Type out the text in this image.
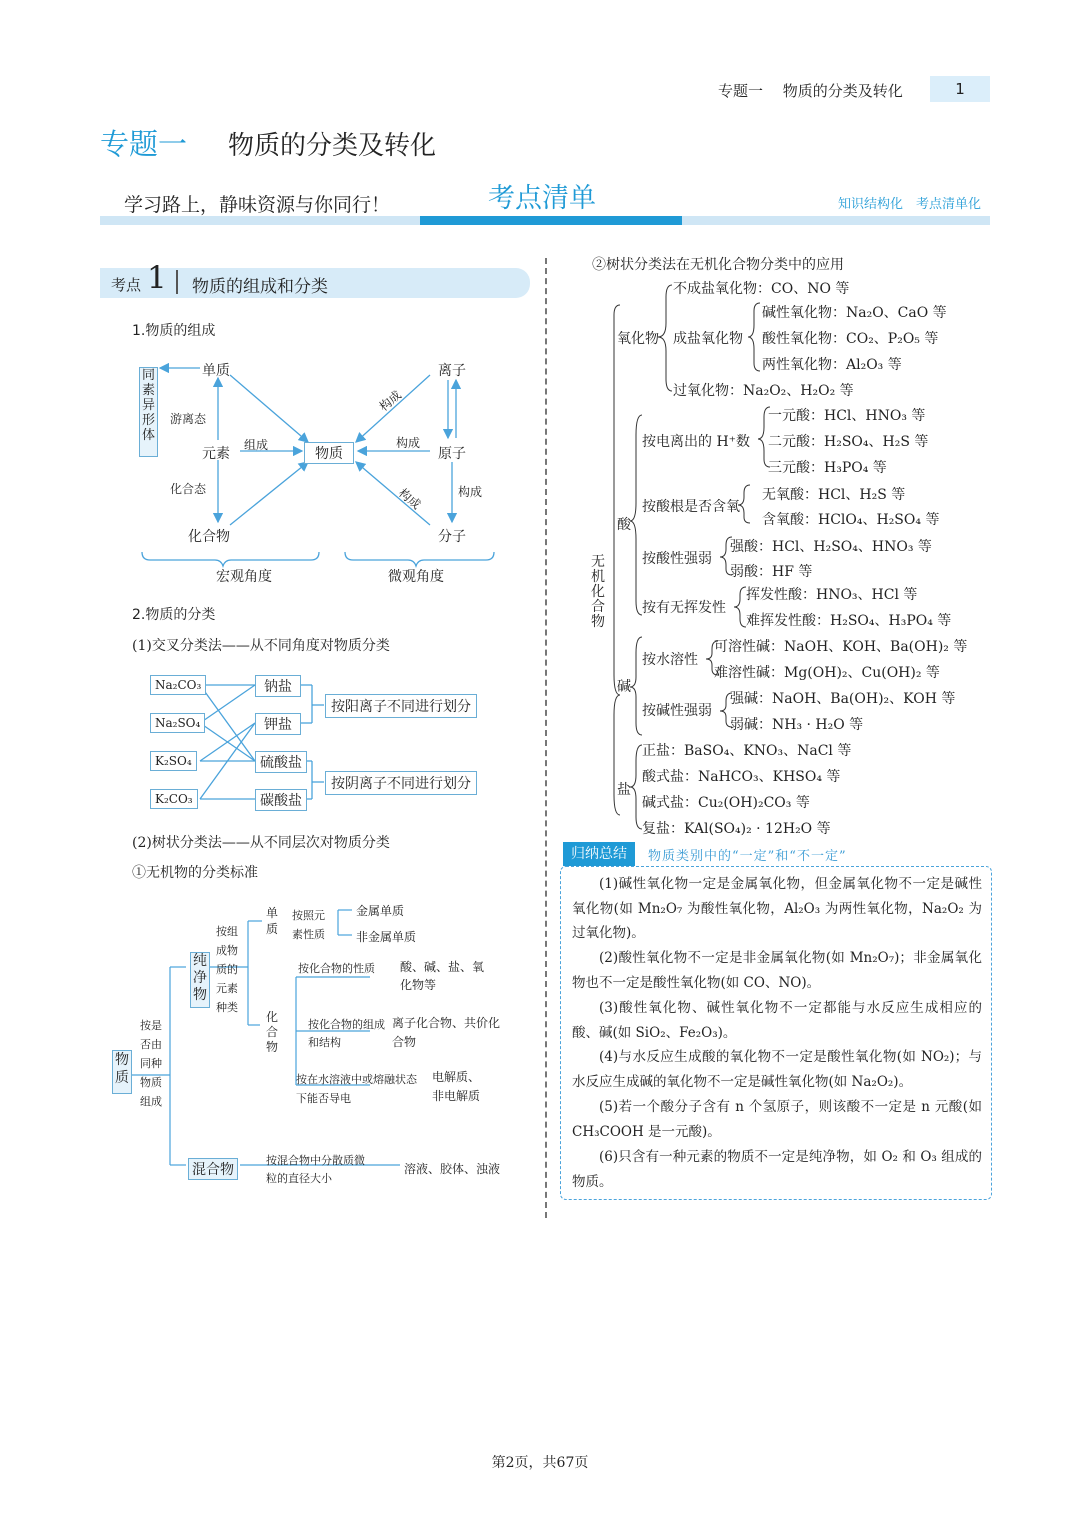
专题一　 物质的分类及转化	1
专题一 物质的分类及转化
学习路上，静味资源与你同行！	考点清单	知识结构化　考点清单化
考点 1 物质的组成和分类
1.物质的组成
同素异形体
单质	离子
游离态
元素
组成
物质
构成
构成
构成	构成
原子
化合态
化合物	分子
宏观角度	微观角度
2.物质的分类
(1)交叉分类法——从不同角度对物质分类
Na₂CO₃
Na₂SO₄
K₂SO₄
K₂CO₃
钠盐
钾盐
硫酸盐
碳酸盐
按阳离子不同进行划分
按阴离子不同进行划分
(2)树状分类法——从不同层次对物质分类
①无机物的分类标准
物质
按是否由同种物质组成
纯净物
混合物
按组成物质的元素种类
单质
按照元素性质
金属单质
非金属单质
化合物
按化合物的性质 酸、碱、盐、氧化物等
按化合物的组成和结构
离子化合物、共价化合物
按在水溶液中或熔融状态下能否导电
电解质、非电解质
按混合物中分散质微粒的直径大小
溶液、胶体、浊液
②树状分类法在无机化合物分类中的应用
无机化合物
氧化物
不成盐氧化物：CO、NO 等
成盐氧化物
碱性氧化物：Na₂O、CaO 等
酸性氧化物：CO₂、P₂O₅ 等
两性氧化物：Al₂O₃ 等
过氧化物：Na₂O₂、H₂O₂ 等
酸
按电离出的 H⁺数
一元酸：HCl、HNO₃ 等
二元酸：H₂SO₄、H₂S 等
三元酸：H₃PO₄ 等
按酸根是否含氧
无氧酸：HCl、H₂S 等
含氧酸：HClO₄、H₂SO₄ 等
按酸性强弱
强酸：HCl、H₂SO₄、HNO₃ 等
弱酸：HF 等
按有无挥发性
挥发性酸：HNO₃、HCl 等
难挥发性酸：H₂SO₄、H₃PO₄ 等
碱
按水溶性
可溶性碱：NaOH、KOH、Ba(OH)₂ 等
难溶性碱：Mg(OH)₂、Cu(OH)₂ 等
按碱性强弱
强碱：NaOH、Ba(OH)₂、KOH 等
弱碱：NH₃ · H₂O 等
盐
正盐：BaSO₄、KNO₃、NaCl 等
酸式盐：NaHCO₃、KHSO₄ 等
碱式盐：Cu₂(OH)₂CO₃ 等
复盐：KAl(SO₄)₂ · 12H₂O 等
归纳总结	物质类别中的“一定”和“不一定”
(1)碱性氧化物一定是金属氧化物，但金属氧化物不一定是碱性氧化物(如 Mn₂O₇ 为酸性氧化物，Al₂O₃ 为两性氧化物，Na₂O₂ 为过氧化物)。
(2)酸性氧化物不一定是非金属氧化物(如 Mn₂O₇)；非金属氧化物也不一定是酸性氧化物(如 CO、NO)。
(3)酸性氧化物、碱性氧化物不一定都能与水反应生成相应的酸、碱(如 SiO₂、Fe₂O₃)。
(4)与水反应生成酸的氧化物不一定是酸性氧化物(如 NO₂)；与水反应生成碱的氧化物不一定是碱性氧化物(如 Na₂O₂)。
(5)若一个酸分子含有 n 个氢原子，则该酸不一定是 n 元酸(如 CH₃COOH 是一元酸)。
(6)只含有一种元素的物质不一定是纯净物，如 O₂ 和 O₃ 组成的物质。
第2页，共67页
